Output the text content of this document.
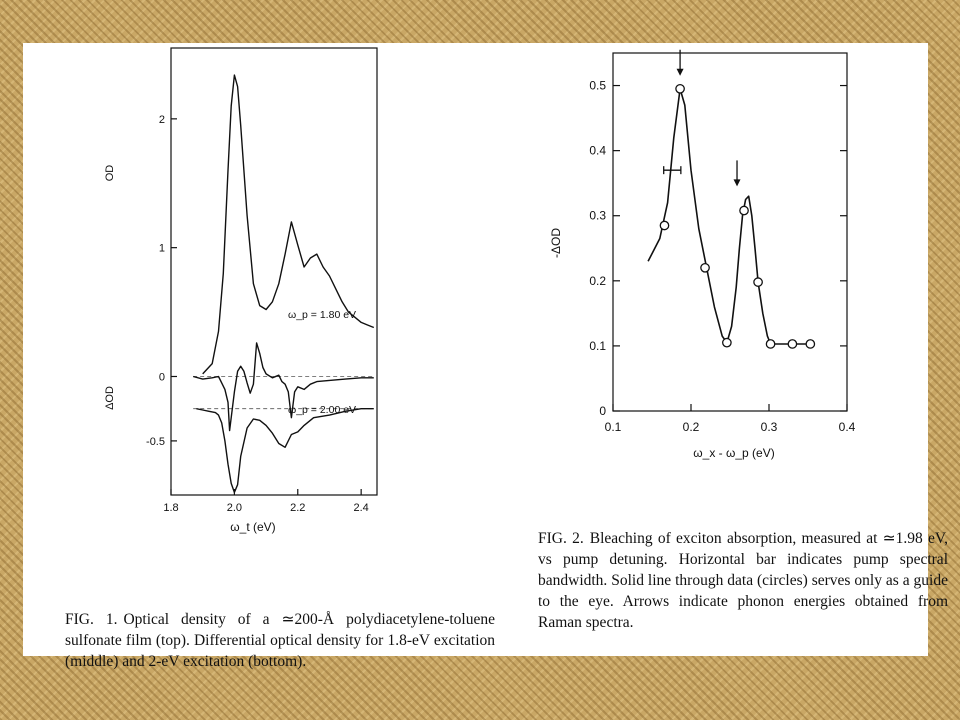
2
1
0
-0.5
1.8	2.0	2.2	2.4
OD
ΔOD
ω_t (eV)
ω_p = 1.80 eV
ω_p = 2.00 eV	0
0.1
0.2
0.3
0.4
0.5
0.1	0.2	0.3	0.4
-ΔOD
ω_x - ω_p (eV)

FIG. 1. Optical density of a ≃200-Å polydiacetylene-toluene sulfonate film (top). Differential optical density for 1.8-eV excitation (middle) and 2-eV excitation (bottom).

FIG. 2. Bleaching of exciton absorption, measured at ≃1.98 eV, vs pump detuning. Horizontal bar indicates pump spectral bandwidth. Solid line through data (circles) serves only as a guide to the eye. Arrows indicate phonon energies obtained from Raman spectra.
